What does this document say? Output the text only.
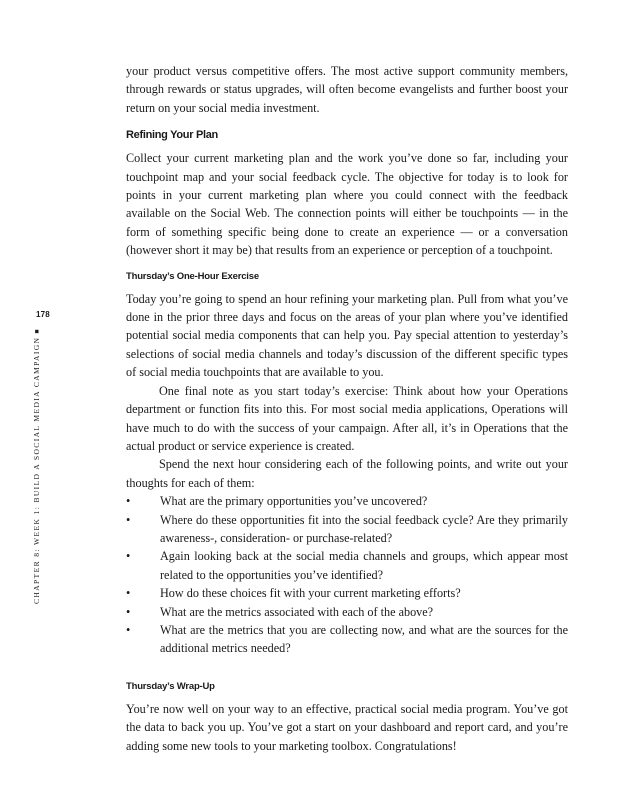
178
CHAPTER 8: WEEK 1: BUILD A SOCIAL MEDIA CAMPAIGN■

your product versus competitive offers. The most active support community members, through rewards or status upgrades, will often become evangelists and further boost your return on your social media investment.

Refining Your Plan

Collect your current marketing plan and the work you’ve done so far, including your touchpoint map and your social feedback cycle. The objective for today is to look for points in your current marketing plan where you could connect with the feedback available on the Social Web. The connection points will either be touchpoints — in the form of something specific being done to create an experience — or a conversation (however short it may be) that results from an experience or perception of a touchpoint.

Thursday’s One-Hour Exercise

Today you’re going to spend an hour refining your marketing plan. Pull from what you’ve done in the prior three days and focus on the areas of your plan where you’ve identified potential social media components that can help you. Pay special attention to yesterday’s selections of social media channels and today’s discussion of the different specific types of social media touchpoints that are available to you.

One final note as you start today’s exercise: Think about how your Operations department or function fits into this. For most social media applications, Operations will have much to do with the success of your campaign. After all, it’s in Operations that the actual product or service experience is created.

Spend the next hour considering each of the following points, and write out your thoughts for each of them:

• What are the primary opportunities you’ve uncovered?
• Where do these opportunities fit into the social feedback cycle? Are they primarily awareness-, consideration- or purchase-related?
• Again looking back at the social media channels and groups, which appear most related to the opportunities you’ve identified?
• How do these choices fit with your current marketing efforts?
• What are the metrics associated with each of the above?
• What are the metrics that you are collecting now, and what are the sources for the additional metrics needed?
Thursday’s Wrap-Up

You’re now well on your way to an effective, practical social media program. You’ve got the data to back you up. You’ve got a start on your dashboard and report card, and you’re adding some new tools to your marketing toolbox. Congratulations!
